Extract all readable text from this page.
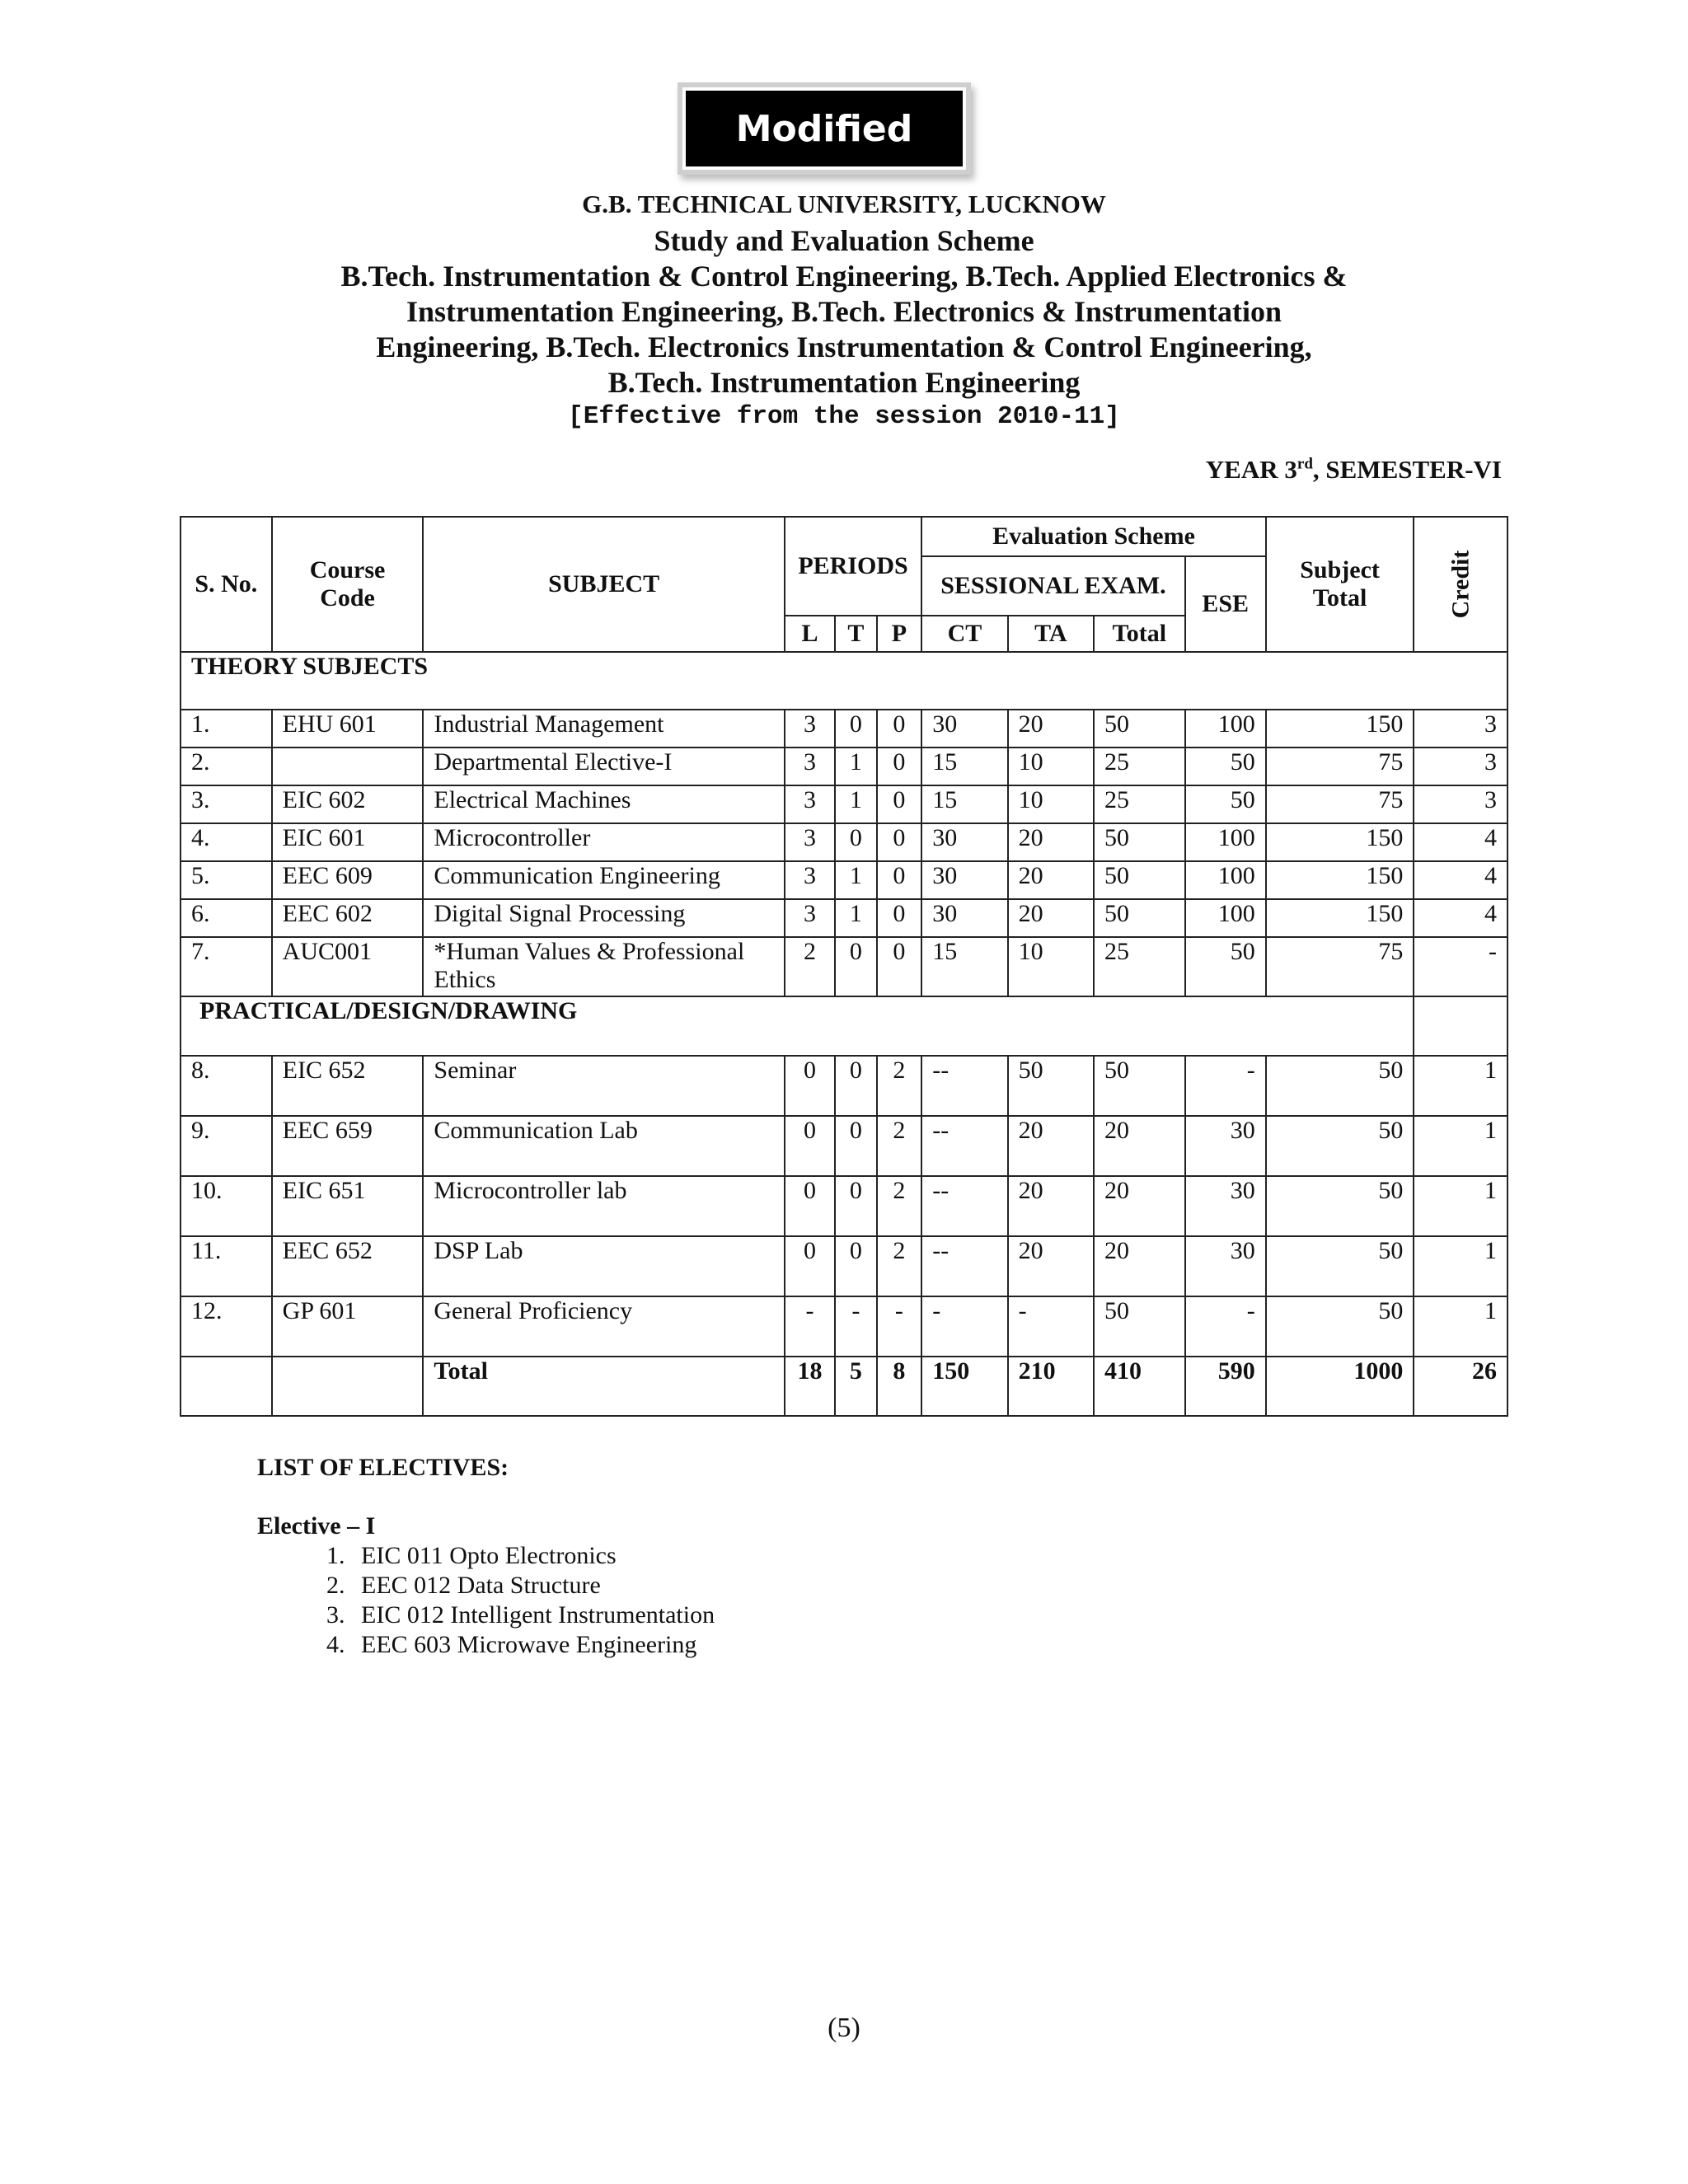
Modified
G.B. TECHNICAL UNIVERSITY, LUCKNOW
Study and Evaluation Scheme
B.Tech. Instrumentation & Control Engineering, B.Tech. Applied Electronics &
Instrumentation Engineering, B.Tech. Electronics & Instrumentation
Engineering, B.Tech. Electronics Instrumentation & Control Engineering,
B.Tech. Instrumentation Engineering
[Effective from the session 2010-11]
YEAR 3rd, SEMESTER-VI
S. No.	Course Code	SUBJECT	PERIODS			Evaluation Scheme				Subject Total	Credit
						SESSIONAL EXAM.			ESE		
			L	T	P	CT	TA	Total			
THEORY SUBJECTS											
1.	EHU 601	Industrial Management	3	0	0	30	20	50	100	150	3
2.		Departmental Elective-I	3	1	0	15	10	25	50	75	3
3.	EIC 602	Electrical Machines	3	1	0	15	10	25	50	75	3
4.	EIC 601	Microcontroller	3	0	0	30	20	50	100	150	4
5.	EEC 609	Communication Engineering	3	1	0	30	20	50	100	150	4
6.	EEC 602	Digital Signal Processing	3	1	0	30	20	50	100	150	4
7.	AUC001	*Human Values & Professional Ethics	2	0	0	15	10	25	50	75	-
PRACTICAL/DESIGN/DRAWING											
8.	EIC 652	Seminar	0	0	2	--	50	50	-	50	1
9.	EEC 659	Communication Lab	0	0	2	--	20	20	30	50	1
10.	EIC 651	Microcontroller lab	0	0	2	--	20	20	30	50	1
11.	EEC 652	DSP Lab	0	0	2	--	20	20	30	50	1
12.	GP 601	General Proficiency	-	-	-	-	-	50	-	50	1
		Total	18	5	8	150	210	410	590	1000	26
LIST OF ELECTIVES:
Elective – I
1. EIC 011 Opto Electronics
2. EEC 012 Data Structure
3. EIC 012 Intelligent Instrumentation
4. EEC 603 Microwave Engineering
(5)
